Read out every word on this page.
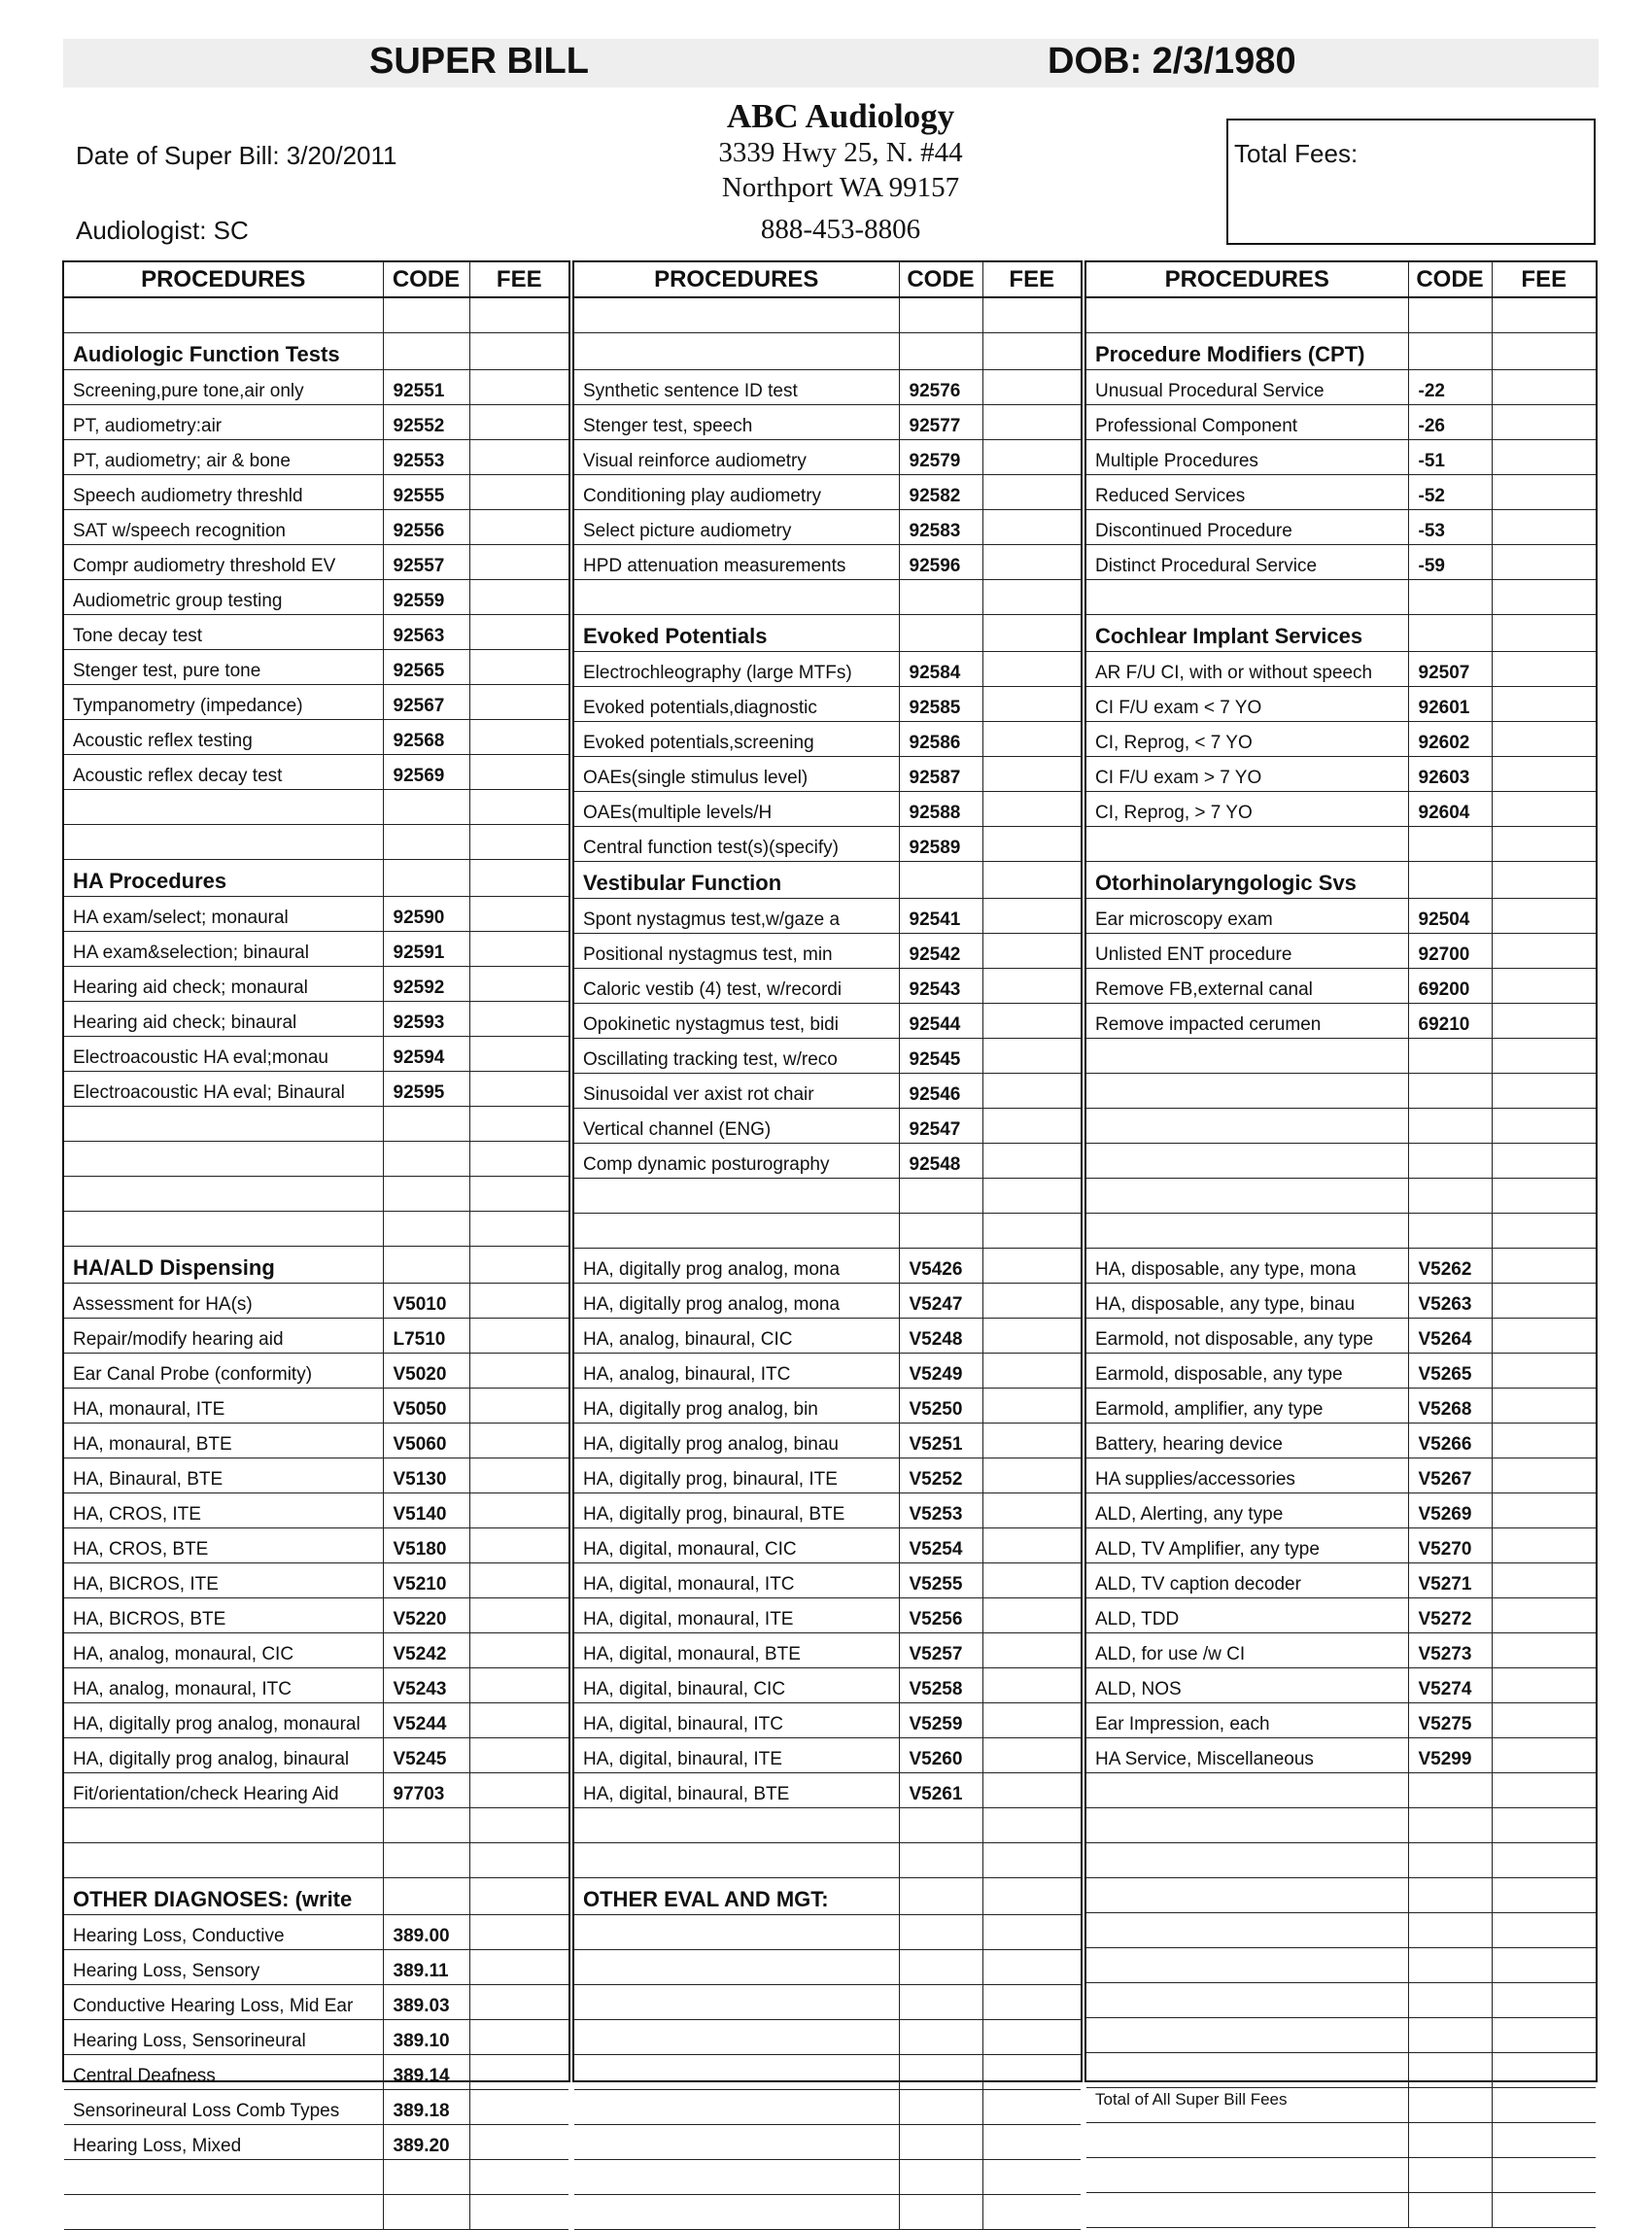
SUPER BILL	DOB: 2/3/1980
Date of Super Bill: 3/20/2011
Audiologist: SC
ABC Audiology
3339 Hwy 25, N. #44
Northport WA 99157
888-453-8806
Total Fees:
PROCEDURES	CODE	FEE

Audiologic Function Tests		
Screening,pure tone,air only	92551	
PT, audiometry:air	92552	
PT, audiometry; air & bone	92553	
Speech audiometry threshld	92555	
SAT w/speech recognition	92556	
Compr audiometry threshold EV	92557	
Audiometric group testing	92559	
Tone decay test	92563	
Stenger test, pure tone	92565	
Tympanometry (impedance)	92567	
Acoustic reflex testing	92568	
Acoustic reflex decay test	92569	

HA Procedures		
HA exam/select; monaural	92590	
HA exam&selection; binaural	92591	
Hearing aid check; monaural	92592	
Hearing aid check; binaural	92593	
Electroacoustic HA eval;monau	92594	
Electroacoustic HA eval; Binaural	92595	

HA/ALD Dispensing		
Assessment for HA(s)	V5010	
Repair/modify hearing aid	L7510	
Ear Canal Probe (conformity)	V5020	
HA, monaural, ITE	V5050	
HA, monaural, BTE	V5060	
HA, Binaural, BTE	V5130	
HA, CROS, ITE	V5140	
HA, CROS, BTE	V5180	
HA, BICROS, ITE	V5210	
HA, BICROS, BTE	V5220	
HA, analog, monaural, CIC	V5242	
HA, analog, monaural, ITC	V5243	
HA, digitally prog analog, monaural	V5244	
HA, digitally prog analog, binaural	V5245	
Fit/orientation/check Hearing Aid	97703	

OTHER DIAGNOSES: (write		
Hearing Loss, Conductive	389.00	
Hearing Loss, Sensory	389.11	
Conductive Hearing Loss, Mid Ear	389.03	
Hearing Loss, Sensorineural	389.10	
Central Deafness	389.14	
Sensorineural Loss Comb Types	389.18	
Hearing Loss, Mixed	389.20	

PROCEDURES	CODE	FEE

Synthetic sentence ID test	92576	
Stenger test, speech	92577	
Visual reinforce audiometry	92579	
Conditioning play audiometry	92582	
Select picture audiometry	92583	
HPD attenuation measurements	92596	

Evoked Potentials		
Electrochleography (large MTFs)	92584	
Evoked potentials,diagnostic	92585	
Evoked potentials,screening	92586	
OAEs(single stimulus level)	92587	
OAEs(multiple levels/H	92588	
Central function test(s)(specify)	92589	
Vestibular Function		
Spont nystagmus test,w/gaze a	92541	
Positional nystagmus test, min	92542	
Caloric vestib (4) test, w/recordi	92543	
Opokinetic nystagmus test, bidi	92544	
Oscillating tracking test, w/reco	92545	
Sinusoidal ver axist rot chair	92546	
Vertical channel (ENG)	92547	
Comp dynamic posturography	92548	

HA, digitally prog analog, mona	V5426	
HA, digitally prog analog, mona	V5247	
HA, analog, binaural, CIC	V5248	
HA, analog, binaural, ITC	V5249	
HA, digitally prog analog, bin	V5250	
HA, digitally prog analog, binau	V5251	
HA, digitally prog, binaural, ITE	V5252	
HA, digitally prog, binaural, BTE	V5253	
HA, digital, monaural, CIC	V5254	
HA, digital, monaural, ITC	V5255	
HA, digital, monaural, ITE	V5256	
HA, digital, monaural, BTE	V5257	
HA, digital, binaural, CIC	V5258	
HA, digital, binaural, ITC	V5259	
HA, digital, binaural, ITE	V5260	
HA, digital, binaural, BTE	V5261	

OTHER EVAL AND MGT:		

PROCEDURES	CODE	FEE

Procedure Modifiers (CPT)		
Unusual Procedural Service	-22	
Professional Component	-26	
Multiple Procedures	-51	
Reduced Services	-52	
Discontinued Procedure	-53	
Distinct Procedural Service	-59	

Cochlear Implant Services		
AR F/U CI, with or without speech	92507	
CI F/U exam < 7 YO	92601	
CI, Reprog, < 7 YO	92602	
CI F/U exam > 7 YO	92603	
CI, Reprog, > 7 YO	92604	

Otorhinolaryngologic Svs		
Ear microscopy exam	92504	
Unlisted ENT procedure	92700	
Remove FB,external canal	69200	
Remove impacted cerumen	69210	

HA, disposable, any type, mona	V5262	
HA, disposable, any type, binau	V5263	
Earmold, not disposable, any type	V5264	
Earmold, disposable, any type	V5265	
Earmold, amplifier, any type	V5268	
Battery, hearing device	V5266	
HA supplies/accessories	V5267	
ALD, Alerting, any type	V5269	
ALD, TV Amplifier, any type	V5270	
ALD, TV caption decoder	V5271	
ALD, TDD	V5272	
ALD, for use /w CI	V5273	
ALD, NOS	V5274	
Ear Impression, each	V5275	
HA Service, Miscellaneous	V5299	

Total of All Super Bill Fees
